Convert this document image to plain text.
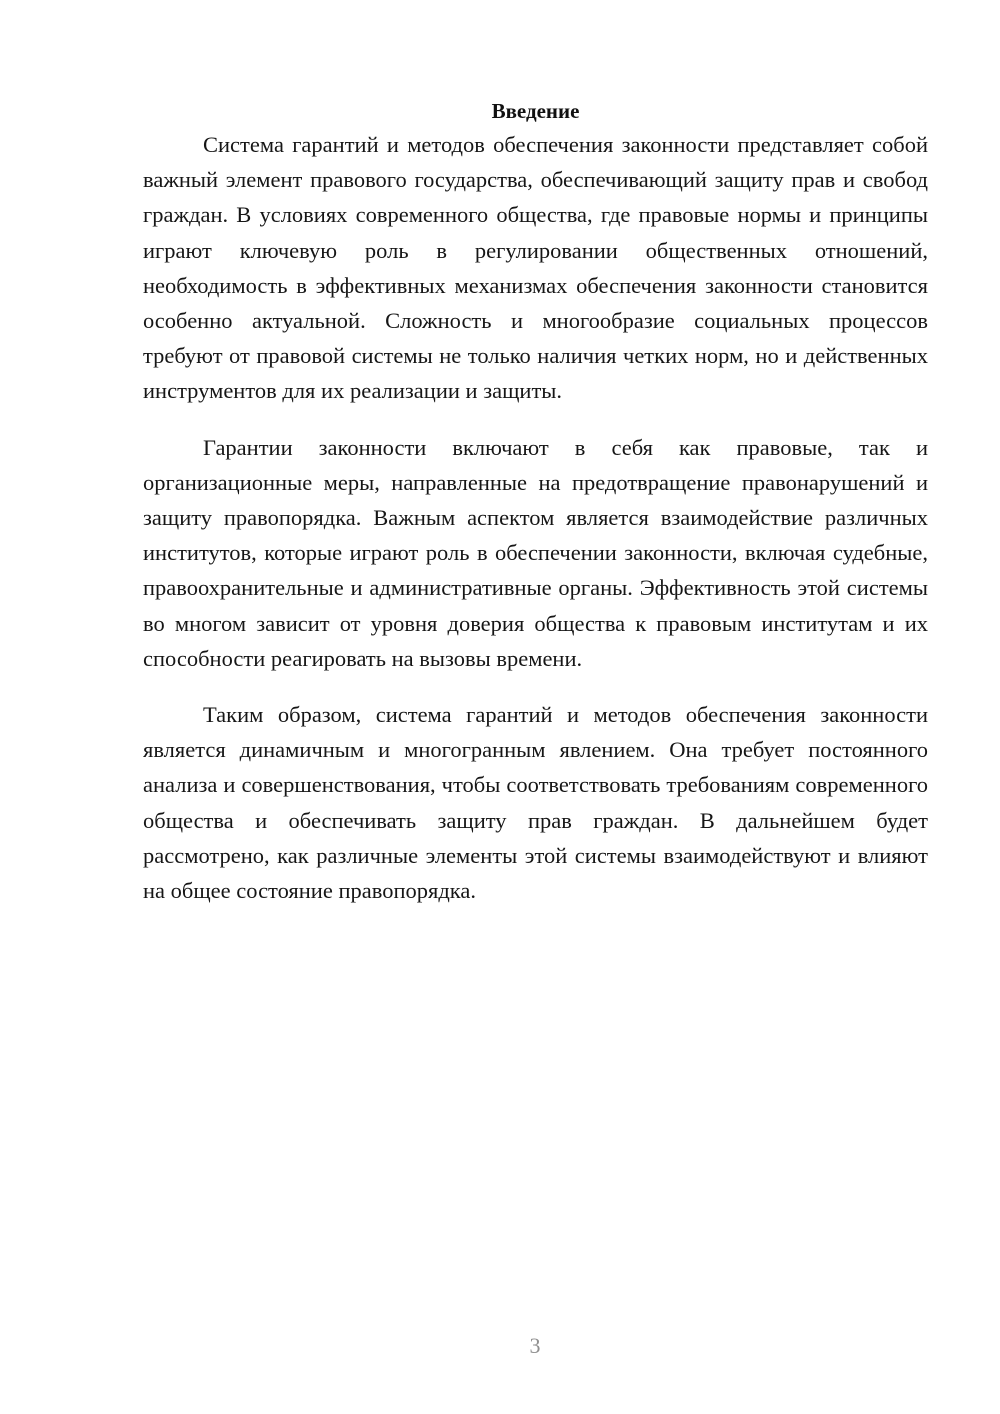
Введение

Система гарантий и методов обеспечения законности представляет собой важный элемент правового государства, обеспечивающий защиту прав и свобод граждан. В условиях современного общества, где правовые нормы и принципы играют ключевую роль в регулировании общественных отношений, необходимость в эффективных механизмах обеспечения законности становится особенно актуальной. Сложность и многообразие социальных процессов требуют от правовой системы не только наличия четких норм, но и действенных инструментов для их реализации и защиты.

Гарантии законности включают в себя как правовые, так и организационные меры, направленные на предотвращение правонарушений и защиту правопорядка. Важным аспектом является взаимодействие различных институтов, которые играют роль в обеспечении законности, включая судебные, правоохранительные и административные органы. Эффективность этой системы во многом зависит от уровня доверия общества к правовым институтам и их способности реагировать на вызовы времени.

Таким образом, система гарантий и методов обеспечения законности является динамичным и многогранным явлением. Она требует постоянного анализа и совершенствования, чтобы соответствовать требованиям современного общества и обеспечивать защиту прав граждан. В дальнейшем будет рассмотрено, как различные элементы этой системы взаимодействуют и влияют на общее состояние правопорядка.

3
